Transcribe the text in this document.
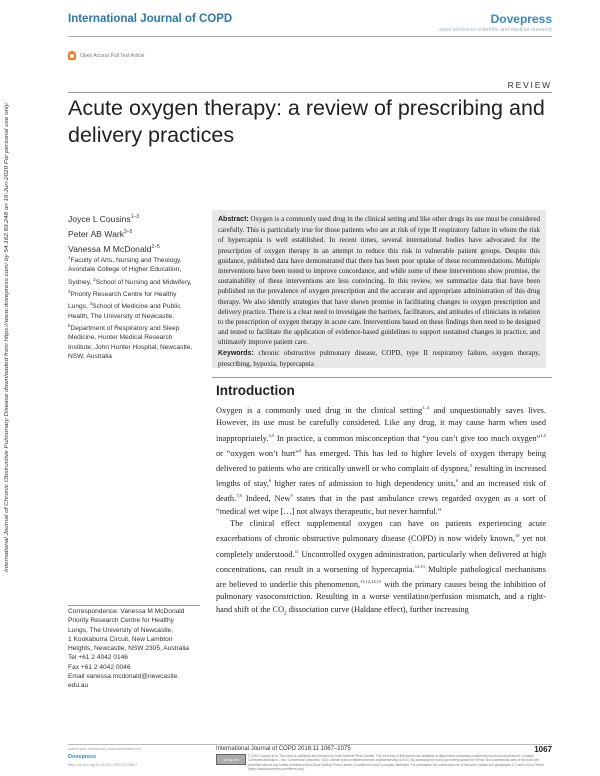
International Journal of COPD	Dovepress
open access to scientific and medical research
Open Access Full Text Article
REVIEW
Acute oxygen therapy: a review of prescribing and delivery practices
International Journal of Chronic Obstructive Pulmonary Disease downloaded from https://www.dovepress.com/ by 54.162.69.248 on 16-Jun-2020 For personal use only.	Joyce L Cousins$^{1-3}$
Peter AB Wark$^{3-5}$
Vanessa M McDonald$^{2-5}$
$^1$Faculty of Arts, Nursing and Theology, Avondale College of Higher Education, Sydney, $^2$School of Nursing and Midwifery, $^3$Priority Research Centre for Healthy Lungs, $^4$School of Medicine and Public Health, The University of Newcastle, $^5$Department of Respiratory and Sleep Medicine, Hunter Medical Research Institute, John Hunter Hospital, Newcastle, NSW, Australia
Abstract: Oxygen is a commonly used drug in the clinical setting and like other drugs its use must be considered carefully. This is particularly true for those patients who are at risk of type II respiratory failure in whom the risk of hypercapnia is well established. In recent times, several international bodies have advocated for the prescription of oxygen therapy in an attempt to reduce this risk in vulnerable patient groups. Despite this guidance, published data have demonstrated that there has been poor uptake of these recommendations. Multiple interventions have been tested to improve concordance, and while some of these interventions show promise, the sustainability of these interventions are less convincing. In this review, we summarize data that have been published on the prevalence of oxygen prescription and the accurate and appropriate administration of this drug therapy. We also identify strategies that have shown promise in facilitating changes to oxygen prescription and delivery practice. There is a clear need to investigate the barriers, facilitators, and attitudes of clinicians in relation to the prescription of oxygen therapy in acute care. Interventions based on these findings then need to be designed and tested to facilitate the application of evidence-based guidelines to support sustained changes in practice, and ultimately improve patient care.
Keywords: chronic obstructive pulmonary disease, COPD, type II respiratory failure, oxygen therapy, prescribing, hypoxia, hypercapnia
Introduction

Oxygen is a commonly used drug in the clinical setting$^{1-4}$ and unquestionably saves lives. However, its use must be carefully considered. Like any drug, it may cause harm when used inappropriately.$^{4,5}$ In practice, a common misconception that “you can’t give too much oxygen”$^{1,5}$ or “oxygen won’t hurt”$^4$ has emerged. This has led to higher levels of oxygen therapy being delivered to patients who are critically unwell or who complain of dyspnea,$^5$ resulting in increased lengths of stay,$^6$ higher rates of admission to high dependency units,$^6$ and an increased risk of death.$^{7,8}$ Indeed, New$^9$ states that in the past ambulance crews regarded oxygen as a sort of “medical wet wipe […] not always therapeutic, but never harmful.”

The clinical effect supplemental oxygen can have on patients experiencing acute exacerbations of chronic obstructive pulmonary disease (COPD) is now widely known,$^{10}$ yet not completely understood.$^{11}$ Uncontrolled oxygen administration, particularly when delivered at high concentrations, can result in a worsening of hypercapnia.$^{12,13}$ Multiple pathological mechanisms are believed to underlie this phenomenon,$^{11,12,14,15}$ with the primary causes being the inhibition of pulmonary vasoconstriction. Resulting in a worse ventilation/perfusion mismatch, and a right-hand shift of the $CO_2$ dissociation curve (Haldane effect), further increasing

Correspondence: Vanessa M McDonald
Priority Research Centre for Healthy
Lungs, The University of Newcastle,
1 Kookaburra Circuit, New Lambton
Heights, Newcastle, NSW 2305, Australia
Tel +61 2 4042 0146
Fax +61 2 4042 0046
Email vanessa.mcdonald@newcastle.
edu.au
submit your manuscript | www.dovepress.com
Dovepress
http://dx.doi.org/10.2147/COPD.S103607
International Journal of COPD 2016:11 1067–1075	1067
cc by-nc
© 2016 Cousins et al. This work is published and licensed by Dove Medical Press Limited. The full terms of this license are available at https://www.dovepress.com/terms.php and incorporate the Creative Commons Attribution – Non Commercial (unported, v3.0) License (http://creativecommons.org/licenses/by-nc/3.0/). By accessing the work you hereby accept the Terms. Non-commercial uses of the work are permitted without any further permission from Dove Medical Press Limited, provided the work is properly attributed. For permission for commercial use of this work, please see paragraphs 4.2 and 5 of our Terms (https://www.dovepress.com/terms.php).
